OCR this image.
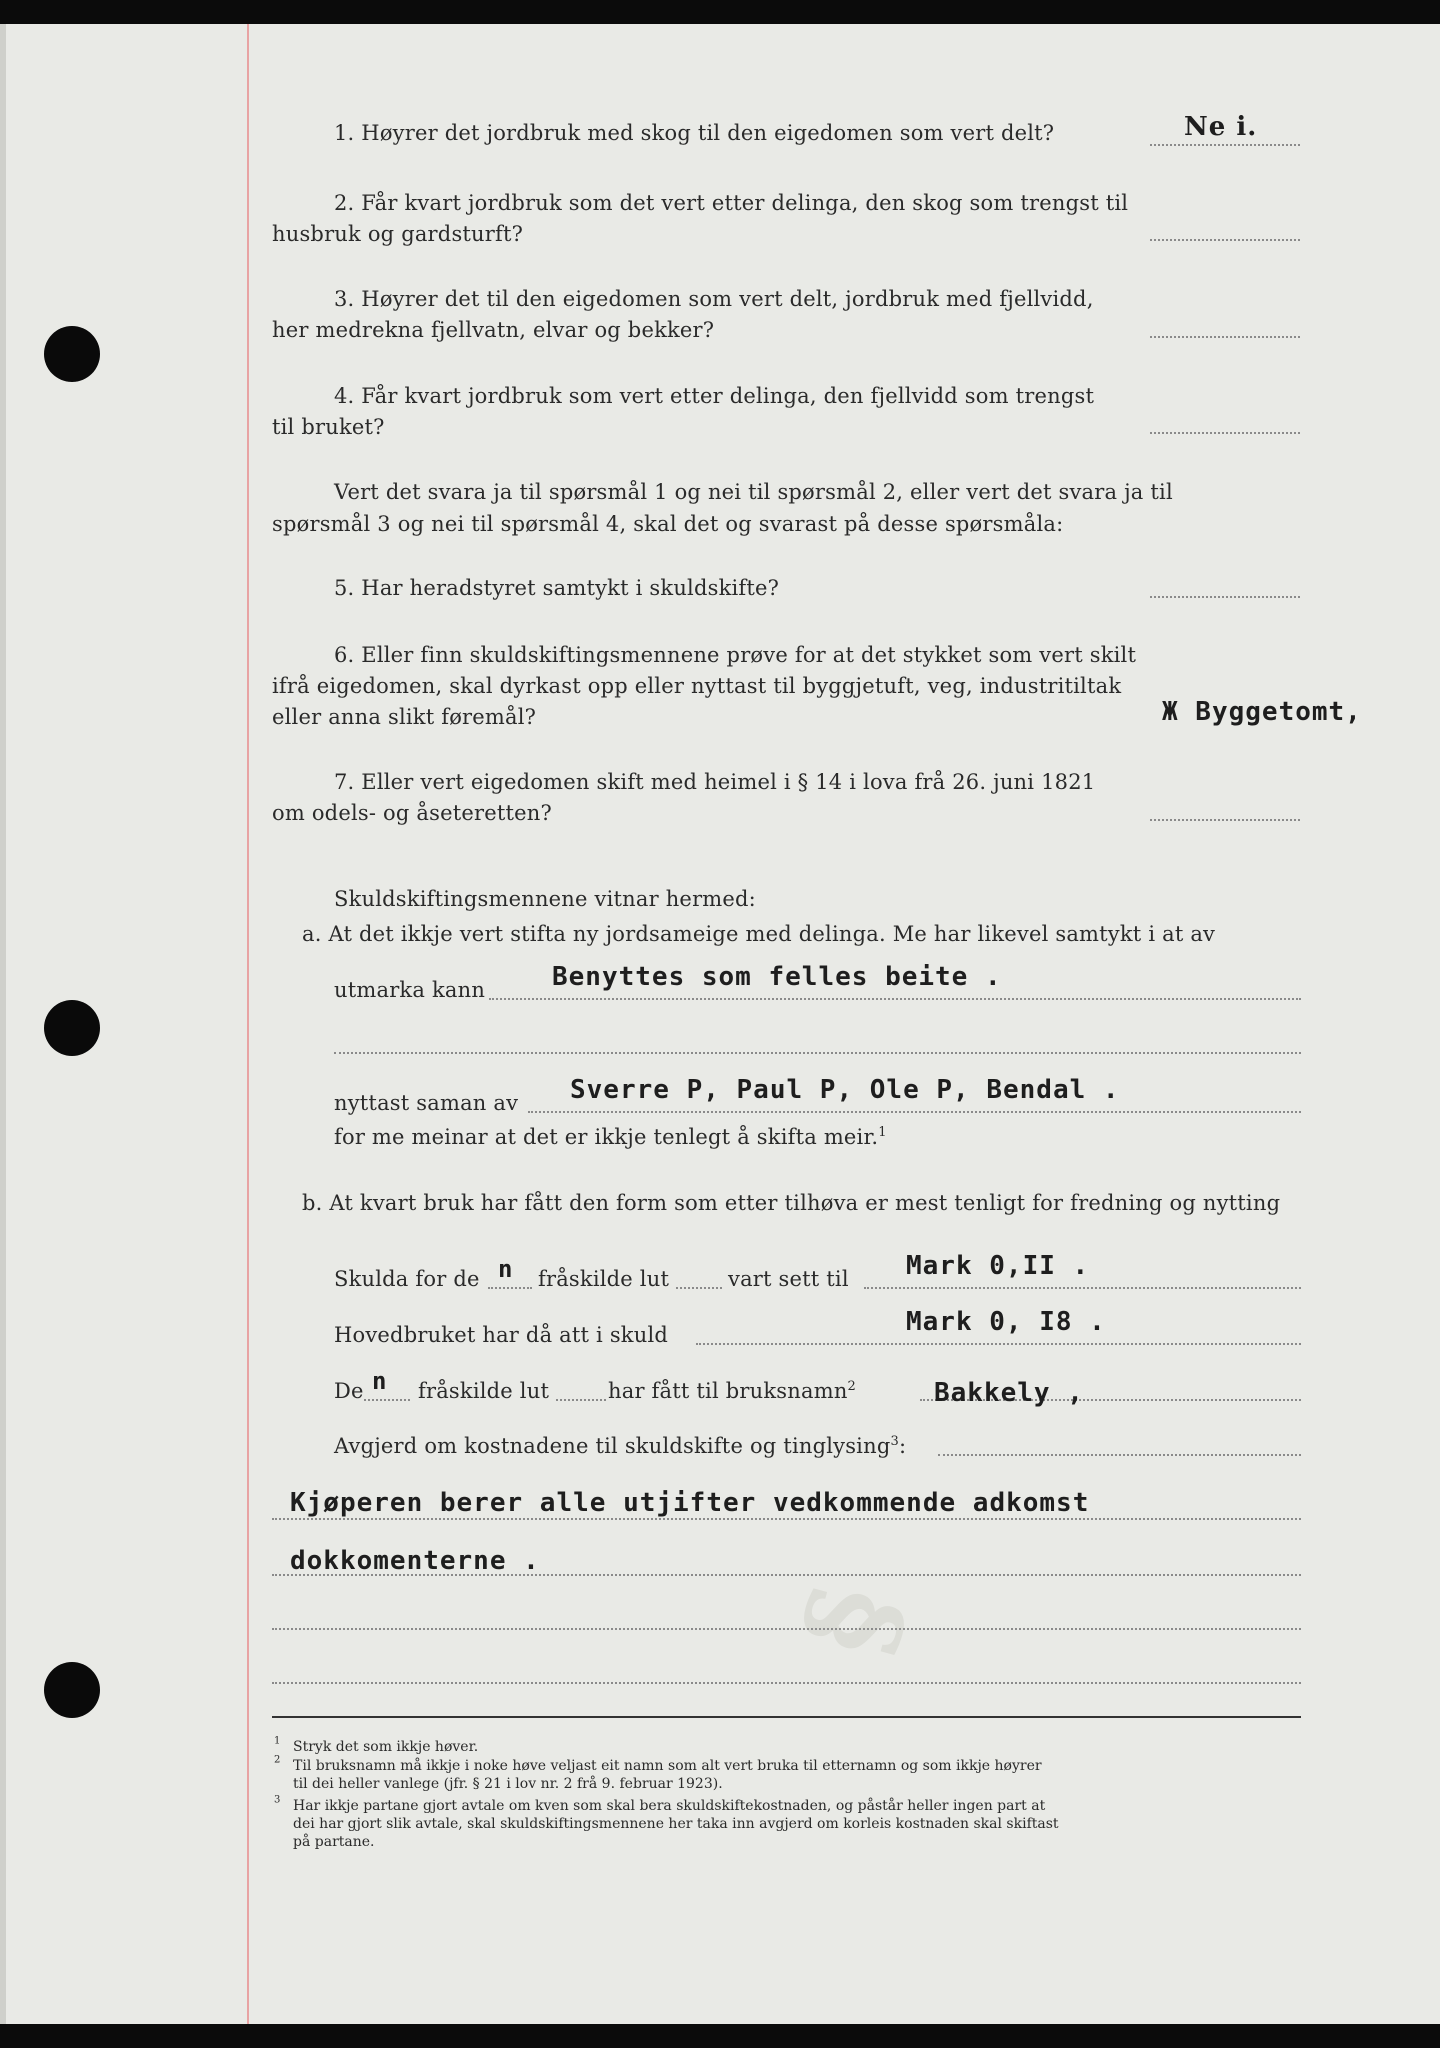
§
1. Høyrer det jordbruk med skog til den eigedomen som vert delt?	Ne i.
2. Får kvart jordbruk som det vert etter delinga, den skog som trengst til
husbruk og gardsturft?
3. Høyrer det til den eigedomen som vert delt, jordbruk med fjellvidd,
her medrekna fjellvatn, elvar og bekker?
4. Får kvart jordbruk som vert etter delinga, den fjellvidd som trengst
til bruket?
Vert det svara ja til spørsmål 1 og nei til spørsmål 2, eller vert det svara ja til
spørsmål 3 og nei til spørsmål 4, skal det og svarast på desse spørsmåla:
5. Har heradstyret samtykt i skuldskifte?
6. Eller finn skuldskiftingsmennene prøve for at det stykket som vert skilt
ifrå eigedomen, skal dyrkast opp eller nyttast til byggjetuft, veg, industritiltak
eller anna slikt føremål?	Ж Byggetomt,
7. Eller vert eigedomen skift med heimel i § 14 i lova frå 26. juni 1821
om odels- og åseteretten?
Skuldskiftingsmennene vitnar hermed:
a. At det ikkje vert stifta ny jordsameige med delinga. Me har likevel samtykt i at av
utmarka kann	Benyttes som felles beite .
nyttast saman av Sverre P, Paul P, Ole P, Bendal .
for me meinar at det er ikkje tenlegt å skifta meir.$^1$
b. At kvart bruk har fått den form som etter tilhøva er mest tenligt for fredning og nytting
Skulda for de n fråskilde lut	vart sett til Mark 0,II .
Hovedbruket har då att i skuld	Mark 0, I8 .
De n fråskilde lut	har fått til bruksnamn$^2$	Bakkely ,
Avgjerd om kostnadene til skuldskifte og tinglysing$^3$:
Kjøperen berer alle utjifter vedkommende adkomst
dokkomenterne .
$^1$ Stryk det som ikkje høver.
$^2$ Til bruksnamn må ikkje i noke høve veljast eit namn som alt vert bruka til etternamn og som ikkje høyrer
til dei heller vanlege (jfr. § 21 i lov nr. 2 frå 9. februar 1923).
$^3$ Har ikkje partane gjort avtale om kven som skal bera skuldskiftekostnaden, og påstår heller ingen part at
dei har gjort slik avtale, skal skuldskiftingsmennene her taka inn avgjerd om korleis kostnaden skal skiftast
på partane.
